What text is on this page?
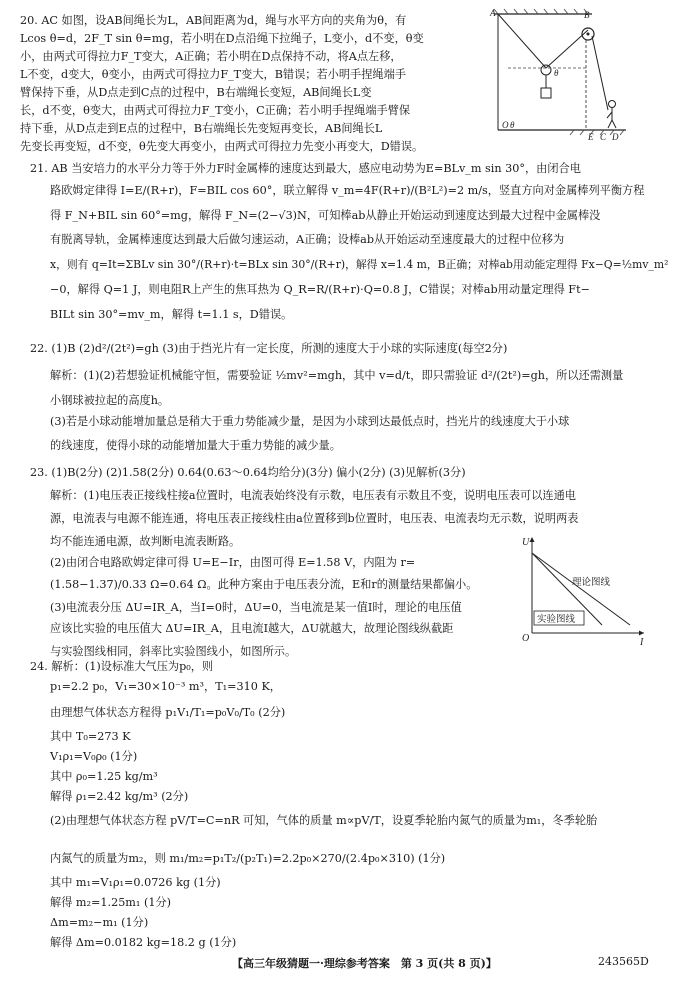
20. AC 如图，设AB间绳长为L，AB间距离为d，绳与水平方向的夹角为θ，有
Lcos θ=d，2F_T sin θ=mg，若小明在D点沿绳下拉绳子，L变小，d不变，θ变
小，由两式可得拉力F_T变大，A正确；若小明在D点保持不动，将A点左移，
L不变，d变大，θ变小，由两式可得拉力F_T变大，B错误；若小明手捏绳端手
臂保持下垂，从D点走到C点的过程中，B右端绳长变短，AB间绳长L变
长，d不变，θ变大，由两式可得拉力F_T变小，C正确；若小明手捏绳端手臂保
持下垂，从D点走到E点的过程中，B右端绳长先变短再变长，AB间绳长L
先变长再变短，d不变，θ先变大再变小，由两式可得拉力先变小再变大，D错误。
21. AB 当安培力的水平分力等于外力F时金属棒的速度达到最大，感应电动势为E=BLv_m sin 30°，由闭合电
路欧姆定律得 I=E/(R+r)，F=BIL cos 60°，联立解得 v_m=4F(R+r)/(B²L²)=2 m/s，竖直方向对金属棒列平衡方程
得 F_N+BIL sin 60°=mg，解得 F_N=(2−√3)N，可知棒ab从静止开始运动到速度达到最大过程中金属棒没
有脱离导轨，金属棒速度达到最大后做匀速运动，A正确；设棒ab从开始运动至速度最大的过程中位移为
x，则有 q=It=ΣBLv sin 30°/(R+r)·t=BLx sin 30°/(R+r)，解得 x=1.4 m，B正确；对棒ab用动能定理得 Fx−Q=½mv_m²
−0，解得 Q=1 J，则电阻R上产生的焦耳热为 Q_R=R/(R+r)·Q=0.8 J，C错误；对棒ab用动量定理得 Ft−
BILt sin 30°=mv_m，解得 t=1.1 s，D错误。
22. (1)B (2)d²/(2t²)=gh (3)由于挡光片有一定长度，所测的速度大于小球的实际速度(每空2分)
解析：(1)(2)若想验证机械能守恒，需要验证 ½mv²=mgh，其中 v=d/t，即只需验证 d²/(2t²)=gh，所以还需测量
小钢球被拉起的高度h。
(3)若是小球动能增加量总是稍大于重力势能减少量，是因为小球到达最低点时，挡光片的线速度大于小球
的线速度，使得小球的动能增加量大于重力势能的减少量。
23. (1)B(2分) (2)1.58(2分) 0.64(0.63～0.64均给分)(3分) 偏小(2分) (3)见解析(3分)
解析：(1)电压表正接线柱接a位置时，电流表始终没有示数，电压表有示数且不变，说明电压表可以连通电
源，电流表与电源不能连通，将电压表正接线柱由a位置移到b位置时，电压表、电流表均无示数，说明两表
均不能连通电源，故判断电流表断路。
(2)由闭合电路欧姆定律可得 U=E−Ir，由图可得 E=1.58 V，内阻为 r=
(1.58−1.37)/0.33 Ω=0.64 Ω。此种方案由于电压表分流，E和r的测量结果都偏小。
(3)电流表分压 ΔU=IR_A，当I=0时，ΔU=0，当电流是某一值I时，理论的电压值
应该比实验的电压值大 ΔU=IR_A，且电流I越大，ΔU就越大，故理论图线纵截距
与实验图线相同，斜率比实验图线小，如图所示。
24. 解析：(1)设标准大气压为p₀，则
p₁=2.2 p₀，V₁=30×10⁻³ m³，T₁=310 K，
由理想气体状态方程得 p₁V₁/T₁=p₀V₀/T₀ (2分)
其中 T₀=273 K
V₁ρ₁=V₀ρ₀ (1分)
其中 ρ₀=1.25 kg/m³
解得 ρ₁=2.42 kg/m³ (2分)
(2)由理想气体状态方程 pV/T=C=nR 可知，气体的质量 m∝pV/T，设夏季轮胎内氮气的质量为m₁，冬季轮胎
内氮气的质量为m₂，则 m₁/m₂=p₁T₂/(p₂T₁)=2.2p₀×270/(2.4p₀×310) (1分)
其中 m₁=V₁ρ₁=0.0726 kg (1分)
解得 m₂=1.25m₁ (1分)
Δm=m₂−m₁ (1分)
解得 Δm=0.0182 kg=18.2 g (1分)
A	B
C D
E
O
θ
θ
U
I
O
理论图线
实验图线
【高三年级猜题一·理综参考答案　第 3 页(共 8 页)】	243565D
